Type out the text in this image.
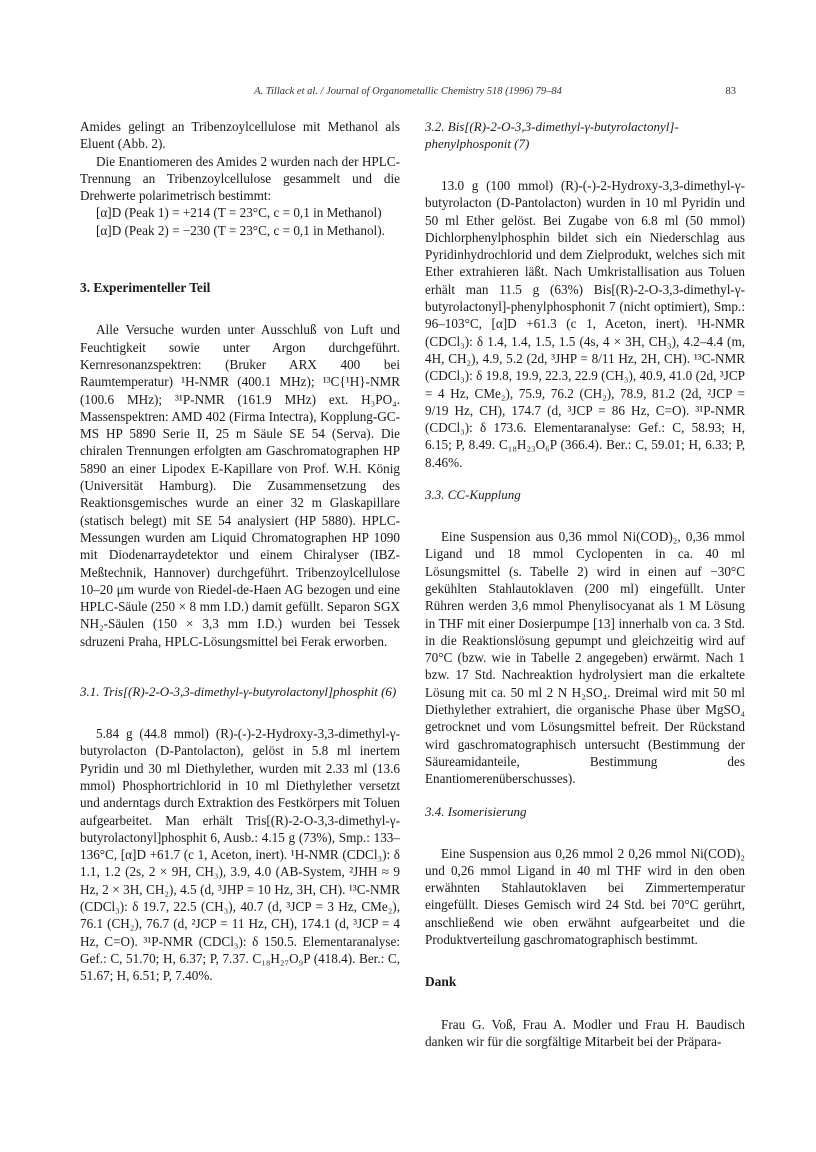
A. Tillack et al. / Journal of Organometallic Chemistry 518 (1996) 79–84	83

Amides gelingt an Tribenzoylcellulose mit Methanol als Eluent (Abb. 2).

Die Enantiomeren des Amides 2 wurden nach der HPLC-Trennung an Tribenzoylcellulose gesammelt und die Drehwerte polarimetrisch bestimmt:

[α]D (Peak 1) = +214 (T = 23°C, c = 0,1 in Methanol)

[α]D (Peak 2) = −230 (T = 23°C, c = 0,1 in Methanol).

3. Experimenteller Teil

Alle Versuche wurden unter Ausschluß von Luft und Feuchtigkeit sowie unter Argon durchgeführt. Kernresonanzspektren: (Bruker ARX 400 bei Raumtemperatur) ¹H-NMR (400.1 MHz); ¹³C{¹H}-NMR (100.6 MHz); ³¹P-NMR (161.9 MHz) ext. H₃PO₄. Massenspektren: AMD 402 (Firma Intectra), Kopplung-GC-MS HP 5890 Serie II, 25 m Säule SE 54 (Serva). Die chiralen Trennungen erfolgten am Gaschromatographen HP 5890 an einer Lipodex E-Kapillare von Prof. W.H. König (Universität Hamburg). Die Zusammensetzung des Reaktionsgemisches wurde an einer 32 m Glaskapillare (statisch belegt) mit SE 54 analysiert (HP 5880). HPLC-Messungen wurden am Liquid Chromatographen HP 1090 mit Diodenarraydetektor und einem Chiralyser (IBZ-Meßtechnik, Hannover) durchgeführt. Tribenzoylcellulose 10–20 μm wurde von Riedel-de-Haen AG bezogen und eine HPLC-Säule (250 × 8 mm I.D.) damit gefüllt. Separon SGX NH₂-Säulen (150 × 3,3 mm I.D.) wurden bei Tessek sdruzeni Praha, HPLC-Lösungsmittel bei Ferak erworben.

3.1. Tris[(R)-2-O-3,3-dimethyl-γ-butyrolactonyl]phosphit (6)

5.84 g (44.8 mmol) (R)-(-)-2-Hydroxy-3,3-dimethyl-γ-butyrolacton (D-Pantolacton), gelöst in 5.8 ml inertem Pyridin und 30 ml Diethylether, wurden mit 2.33 ml (13.6 mmol) Phosphortrichlorid in 10 ml Diethylether versetzt und anderntags durch Extraktion des Festkörpers mit Toluen aufgearbeitet. Man erhält Tris[(R)-2-O-3,3-dimethyl-γ-butyrolactonyl]phosphit 6, Ausb.: 4.15 g (73%), Smp.: 133–136°C, [α]D +61.7 (c 1, Aceton, inert). ¹H-NMR (CDCl₃): δ 1.1, 1.2 (2s, 2 × 9H, CH₃), 3.9, 4.0 (AB-System, ²JHH ≈ 9 Hz, 2 × 3H, CH₂), 4.5 (d, ³JHP = 10 Hz, 3H, CH). ¹³C-NMR (CDCl₃): δ 19.7, 22.5 (CH₃), 40.7 (d, ³JCP = 3 Hz, CMe₂), 76.1 (CH₂), 76.7 (d, ²JCP = 11 Hz, CH), 174.1 (d, ³JCP = 4 Hz, C=O). ³¹P-NMR (CDCl₃): δ 150.5. Elementaranalyse: Gef.: C, 51.70; H, 6.37; P, 7.37. C₁₈H₂₇O₉P (418.4). Ber.: C, 51.67; H, 6.51; P, 7.40%.

3.2. Bis[(R)-2-O-3,3-dimethyl-γ-butyrolactonyl]-phenylphosponit (7)

13.0 g (100 mmol) (R)-(-)-2-Hydroxy-3,3-dimethyl-γ-butyrolacton (D-Pantolacton) wurden in 10 ml Pyridin und 50 ml Ether gelöst. Bei Zugabe von 6.8 ml (50 mmol) Dichlorphenylphosphin bildet sich ein Niederschlag aus Pyridinhydrochlorid und dem Zielprodukt, welches sich mit Ether extrahieren läßt. Nach Umkristallisation aus Toluen erhält man 11.5 g (63%) Bis[(R)-2-O-3,3-dimethyl-γ-butyrolactonyl]-phenylphosphonit 7 (nicht optimiert), Smp.: 96–103°C, [α]D +61.3 (c 1, Aceton, inert). ¹H-NMR (CDCl₃): δ 1.4, 1.4, 1.5, 1.5 (4s, 4 × 3H, CH₃), 4.2–4.4 (m, 4H, CH₂), 4.9, 5.2 (2d, ³JHP = 8/11 Hz, 2H, CH). ¹³C-NMR (CDCl₃): δ 19.8, 19.9, 22.3, 22.9 (CH₃), 40.9, 41.0 (2d, ³JCP = 4 Hz, CMe₂), 75.9, 76.2 (CH₂), 78.9, 81.2 (2d, ²JCP = 9/19 Hz, CH), 174.7 (d, ³JCP = 86 Hz, C=O). ³¹P-NMR (CDCl₃): δ 173.6. Elementaranalyse: Gef.: C, 58.93; H, 6.15; P, 8.49. C₁₈H₂₃O₆P (366.4). Ber.: C, 59.01; H, 6.33; P, 8.46%.

3.3. CC-Kupplung

Eine Suspension aus 0,36 mmol Ni(COD)₂, 0,36 mmol Ligand und 18 mmol Cyclopenten in ca. 40 ml Lösungsmittel (s. Tabelle 2) wird in einen auf −30°C gekühlten Stahlautoklaven (200 ml) eingefüllt. Unter Rühren werden 3,6 mmol Phenylisocyanat als 1 M Lösung in THF mit einer Dosierpumpe [13] innerhalb von ca. 3 Std. in die Reaktionslösung gepumpt und gleichzeitig wird auf 70°C (bzw. wie in Tabelle 2 angegeben) erwärmt. Nach 1 bzw. 17 Std. Nachreaktion hydrolysiert man die erkaltete Lösung mit ca. 50 ml 2 N H₂SO₄. Dreimal wird mit 50 ml Diethylether extrahiert, die organische Phase über MgSO₄ getrocknet und vom Lösungsmittel befreit. Der Rückstand wird gaschromatographisch untersucht (Bestimmung der Säureamidanteile, Bestimmung des Enantiomerenüberschusses).

3.4. Isomerisierung

Eine Suspension aus 0,26 mmol 2 0,26 mmol Ni(COD)₂ und 0,26 mmol Ligand in 40 ml THF wird in den oben erwähnten Stahlautoklaven bei Zimmertemperatur eingefüllt. Dieses Gemisch wird 24 Std. bei 70°C gerührt, anschließend wie oben erwähnt aufgearbeitet und die Produktverteilung gaschromatographisch bestimmt.

Dank

Frau G. Voß, Frau A. Modler und Frau H. Baudisch danken wir für die sorgfältige Mitarbeit bei der Präpara-
